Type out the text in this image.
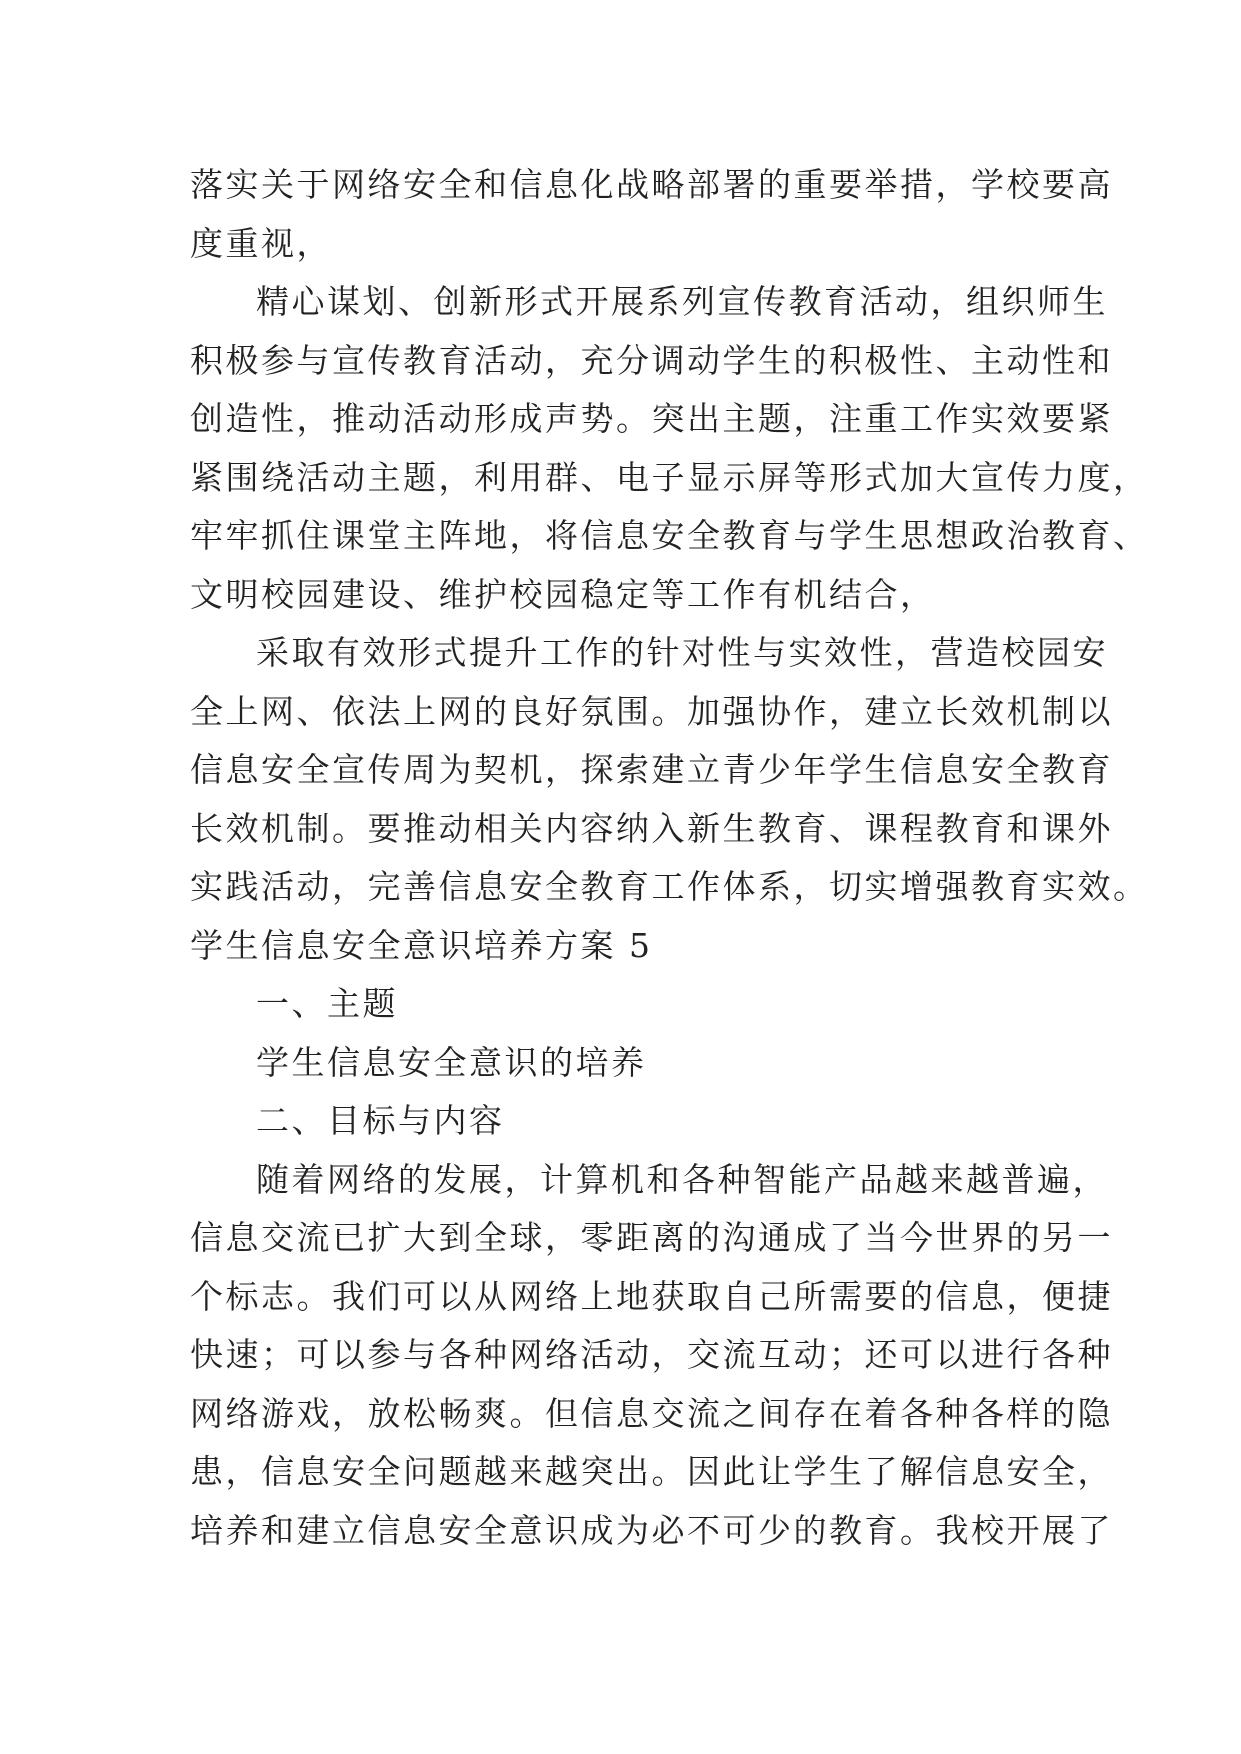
落实关于网络安全和信息化战略部署的重要举措，学校要高
度重视，
精心谋划、创新形式开展系列宣传教育活动，组织师生
积极参与宣传教育活动，充分调动学生的积极性、主动性和
创造性，推动活动形成声势。突出主题，注重工作实效要紧
紧围绕活动主题，利用群、电子显示屏等形式加大宣传力度，
牢牢抓住课堂主阵地，将信息安全教育与学生思想政治教育、
文明校园建设、维护校园稳定等工作有机结合，
采取有效形式提升工作的针对性与实效性，营造校园安
全上网、依法上网的良好氛围。加强协作，建立长效机制以
信息安全宣传周为契机，探索建立青少年学生信息安全教育
长效机制。要推动相关内容纳入新生教育、课程教育和课外
实践活动，完善信息安全教育工作体系，切实增强教育实效。
学生信息安全意识培养方案 5
一、主题
学生信息安全意识的培养
二、目标与内容
随着网络的发展，计算机和各种智能产品越来越普遍，
信息交流已扩大到全球，零距离的沟通成了当今世界的另一
个标志。我们可以从网络上地获取自己所需要的信息，便捷
快速；可以参与各种网络活动，交流互动；还可以进行各种
网络游戏，放松畅爽。但信息交流之间存在着各种各样的隐
患，信息安全问题越来越突出。因此让学生了解信息安全，
培养和建立信息安全意识成为必不可少的教育。我校开展了
